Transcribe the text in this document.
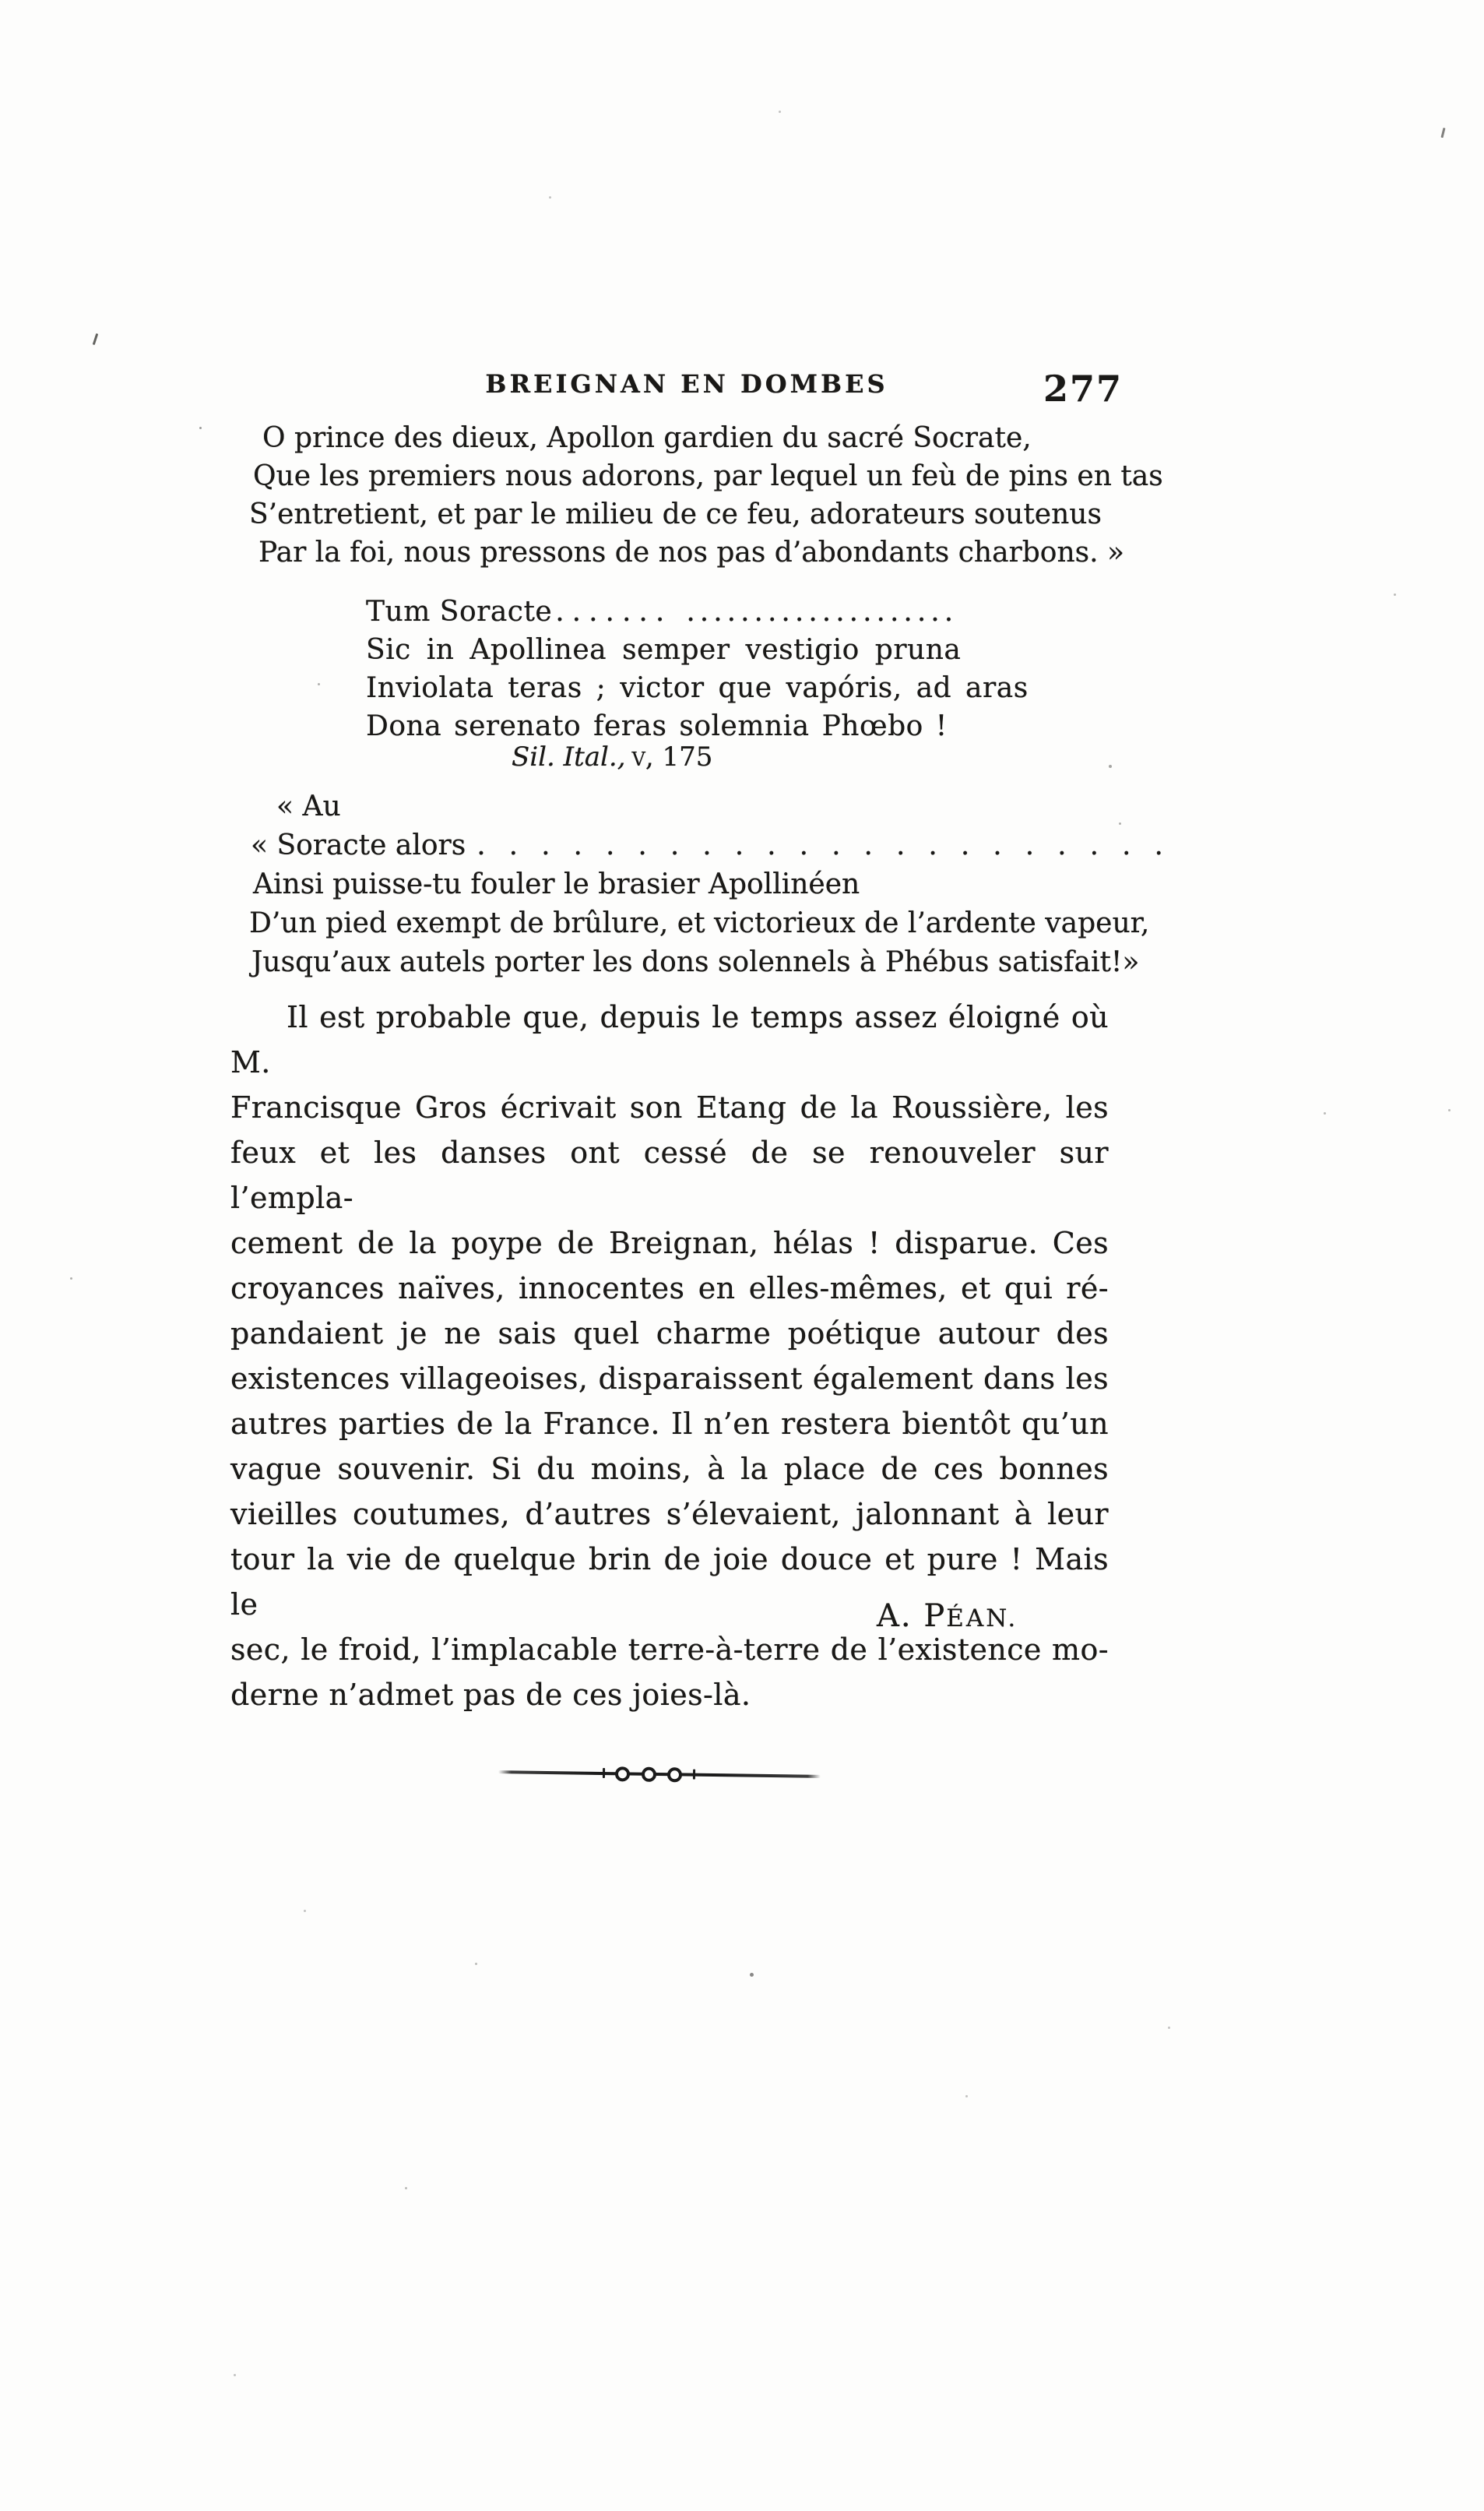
BREIGNAN EN DOMBES	277
O prince des dieux, Apollon gardien du sacré Socrate,
Que les premiers nous adorons, par lequel un feù de pins en tas
S’entretient, et par le milieu de ce feu, adorateurs soutenus
Par la foi, nous pressons de nos pas d’abondants charbons. »
Tum Soracte ....... ....................
Sic in Apollinea semper vestigio pruna
Inviolata teras ; victor que vapóris, ad aras
Dona serenato feras solemnia Phœbo !
Sil. Ital., v, 175
« Au
« Soracte alors ......................
Ainsi puisse-tu fouler le brasier Apollinéen
D’un pied exempt de brûlure, et victorieux de l’ardente vapeur,
Jusqu’aux autels porter les dons solennels à Phébus satisfait!»
Il est probable que, depuis le temps assez éloigné où M.
Francisque Gros écrivait son Etang de la Roussière, les
feux et les danses ont cessé de se renouveler sur l’empla-
cement de la poype de Breignan, hélas ! disparue. Ces
croyances naïves, innocentes en elles-mêmes, et qui ré-
pandaient je ne sais quel charme poétique autour des
existences villageoises, disparaissent également dans les
autres parties de la France. Il n’en restera bientôt qu’un
vague souvenir. Si du moins, à la place de ces bonnes
vieilles coutumes, d’autres s’élevaient, jalonnant à leur
tour la vie de quelque brin de joie douce et pure ! Mais le
sec, le froid, l’implacable terre-à-terre de l’existence mo-
derne n’admet pas de ces joies-là.
A. PÉAN.
